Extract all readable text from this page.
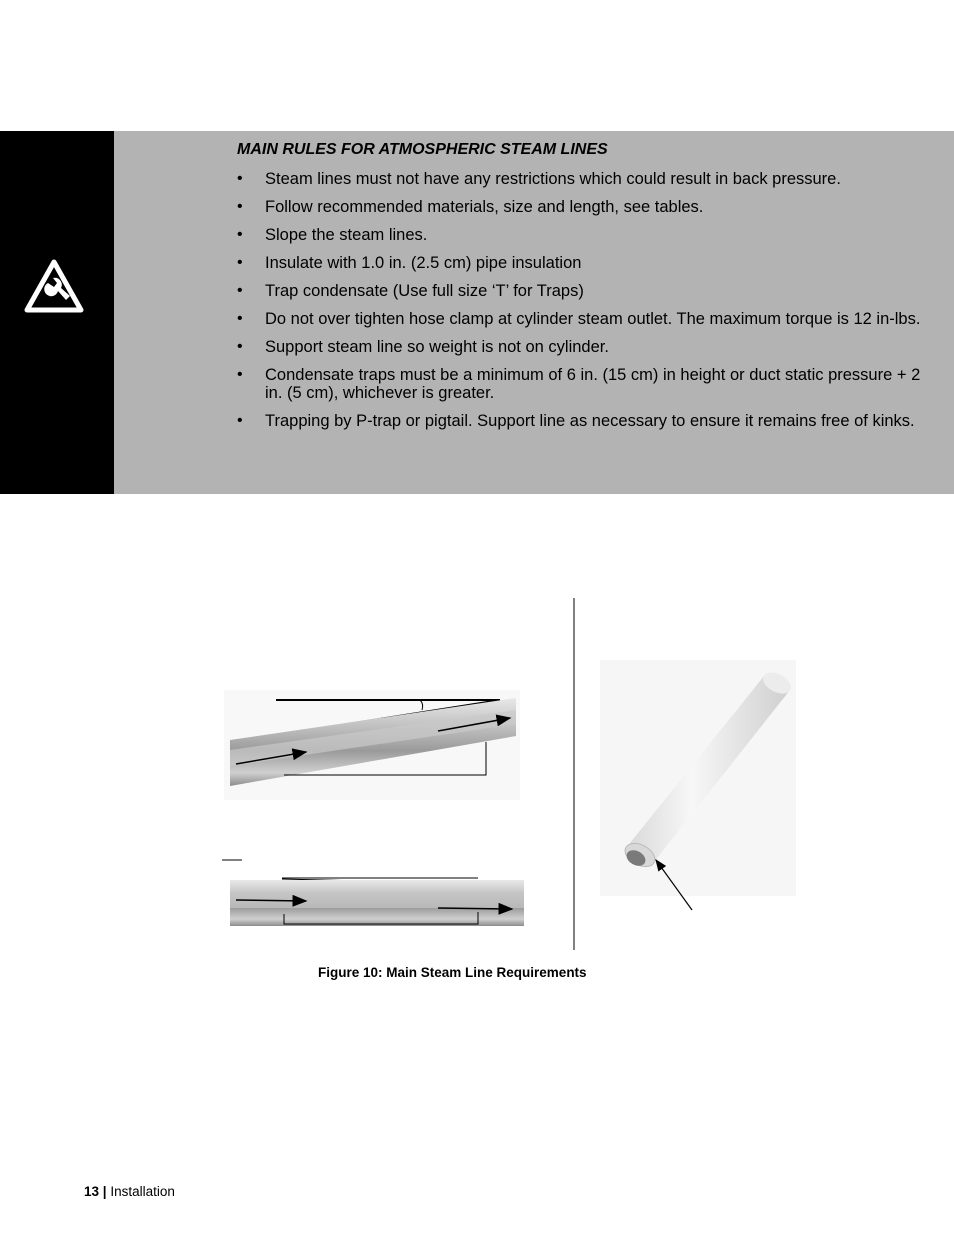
MAIN RULES FOR ATMOSPHERIC STEAM LINES
• Steam lines must not have any restrictions which could result in back pressure.
• Follow recommended materials, size and length, see tables.
• Slope the steam lines.
• Insulate with 1.0 in. (2.5 cm) pipe insulation
• Trap condensate (Use full size ‘T’ for Traps)
• Do not over tighten hose clamp at cylinder steam outlet. The maximum torque is 12 in-lbs.
• Support steam line so weight is not on cylinder.
• Condensate traps must be a minimum of 6 in. (15 cm) in height or duct static pressure + 2 in. (5 cm), whichever is greater.
• Trapping by P-trap or pigtail. Support line as necessary to ensure it remains free of kinks.
Figure 10: Main Steam Line Requirements
13 | Installation
